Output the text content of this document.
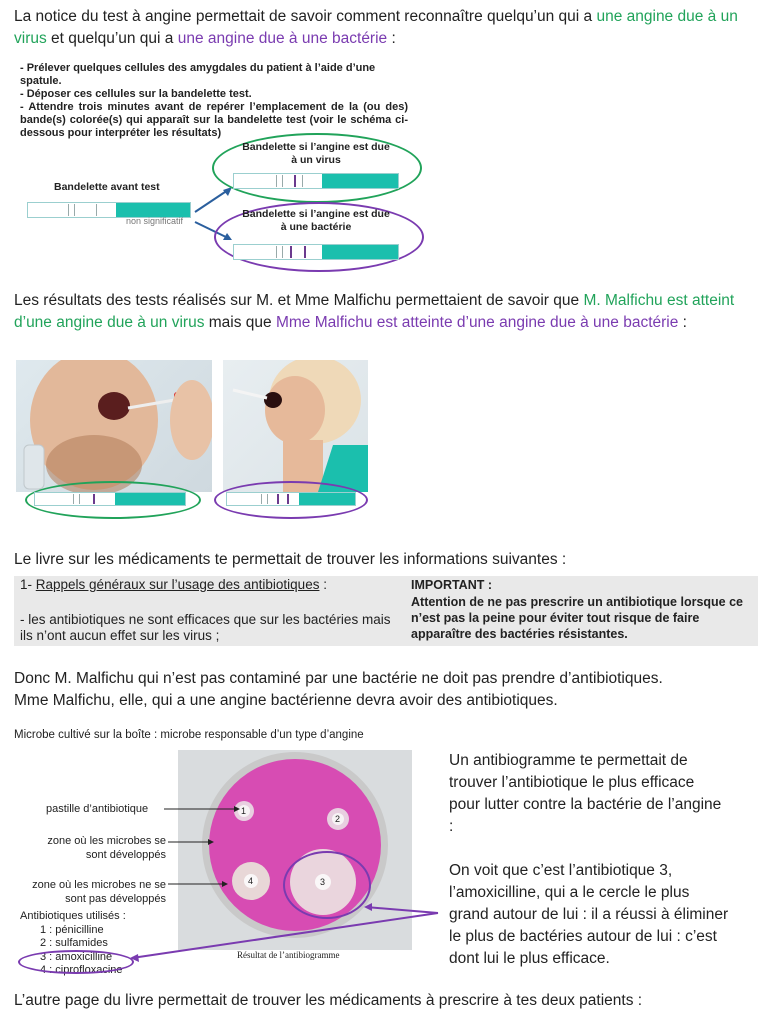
La notice du test à angine permettait de savoir comment reconnaître quelqu’un qui a une angine due à un virus et quelqu’un qui a une angine due à une bactérie :
- Prélever quelques cellules des amygdales du patient à l’aide d’une spatule.
- Déposer ces cellules sur la bandelette test.
- Attendre trois minutes avant de repérer l’emplacement de la (ou des) bande(s) colorée(s) qui apparaît sur la bandelette test (voir le schéma ci-dessous pour interpréter les résultats)
Bandelette avant test
non significatif
Bandelette si l’angine est due à un virus
Bandelette si l’angine est due à une bactérie
Les résultats des tests réalisés sur M. et Mme Malfichu permettaient de savoir que M. Malfichu est atteint d’une angine due à un virus mais que Mme Malfichu est atteinte d’une angine due à une bactérie :
Le livre sur les médicaments te permettait de trouver les informations suivantes :
1- Rappels généraux sur l’usage des antibiotiques :
- les antibiotiques ne sont efficaces que sur les bactéries mais ils n’ont aucun effet sur les virus ;
IMPORTANT :
Attention de ne pas prescrire un antibiotique lorsque ce n’est pas la peine pour éviter tout risque de faire apparaître des bactéries résistantes.
Donc M. Malfichu qui n’est pas contaminé par une bactérie ne doit pas prendre d’antibiotiques.
Mme Malfichu, elle, qui a une angine bactérienne devra avoir des antibiotiques.
Microbe cultivé sur la boîte : microbe responsable d’un type d’angine
1
2
3
4
Résultat de l’antibiogramme
pastille d’antibiotique
zone où les microbes se sont développés
zone où les microbes ne se sont pas développés
Antibiotiques utilisés :
1 : pénicilline
2 : sulfamides
3 : amoxicilline
4 : ciprofloxacine
Un antibiogramme te permettait de trouver l’antibiotique le plus efficace pour lutter contre la bactérie de l’angine :
On voit que c’est l’antibiotique 3, l’amoxicilline, qui a le cercle le plus grand autour de lui : il a réussi à éliminer le plus de bactéries autour de lui : c’est dont lui le plus efficace.
L’autre page du livre permettait de trouver les médicaments à prescrire à tes deux patients :
